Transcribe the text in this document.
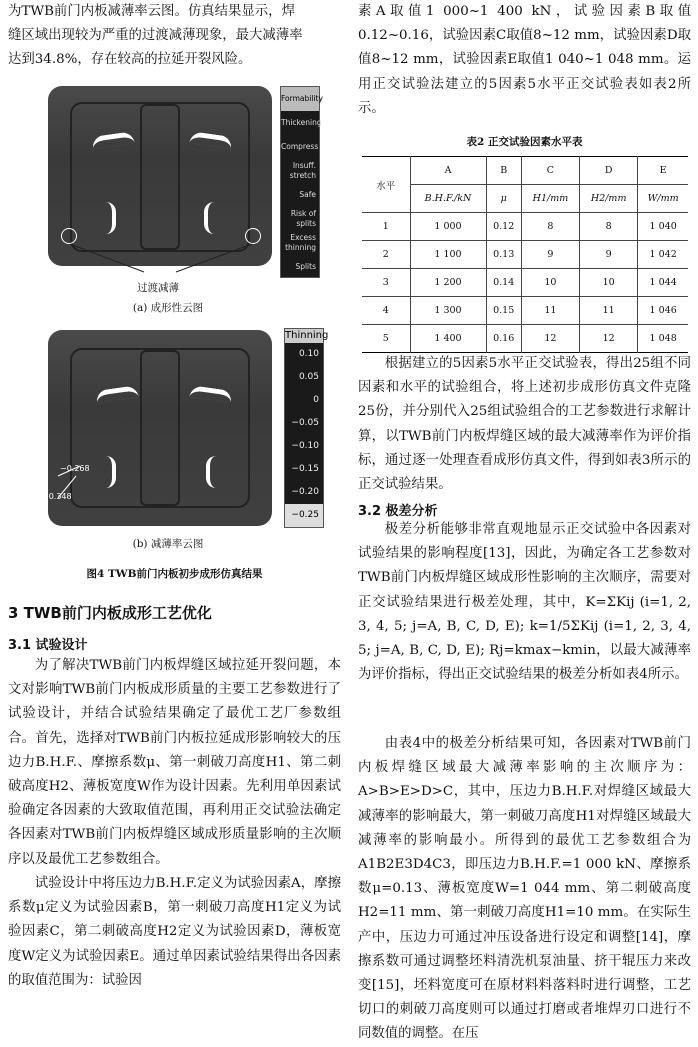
为TWB前门内板减薄率云图。仿真结果显示，焊

缝区域出现较为严重的过渡减薄现象，最大减薄率

达到34.8%，存在较高的拉延开裂风险。

Formability
Thickening
Compress
Insuff. stretch
Safe
Risk of splits
Excess thinning
Splits
过渡减薄
(a) 成形性云图
−0.268
−0.348
Thinning
0.10
0.05
0
−0.05
−0.10
−0.15
−0.20
−0.25
(b) 减薄率云图
图4 TWB前门内板初步成形仿真结果
3 TWB前门内板成形工艺优化
3.1 试验设计

为了解决TWB前门内板焊缝区域拉延开裂问题，本文对影响TWB前门内板成形质量的主要工艺参数进行了试验设计，并结合试验结果确定了最优工艺厂参数组合。首先，选择对TWB前门内板拉延成形影响较大的压边力B.H.F.、摩擦系数μ、第一刺破刀高度H1、第二刺破高度H2、薄板宽度W作为设计因素。先利用单因素试验确定各因素的大致取值范围，再利用正交试验法确定各因素对TWB前门内板焊缝区域成形质量影响的主次顺序以及最优工艺参数组合。

试验设计中将压边力B.H.F.定义为试验因素A，摩擦系数μ定义为试验因素B，第一刺破刀高度H1定义为试验因素C，第二刺破高度H2定义为试验因素D，薄板宽度W定义为试验因素E。通过单因素试验结果得出各因素的取值范围为：试验因

素A取值1 000~1 400 kN，试验因素B取值0.12~0.16，试验因素C取值8~12 mm，试验因素D取值8~12 mm，试验因素E取值1 040~1 048 mm。运用正交试验法建立的5因素5水平正交试验表如表2所示。

表2 正交试验因素水平表
水平	A	B	C	D	E
	B.H.F./kN	μ	H1/mm	H2/mm	W/mm
1	1 000	0.12	8	8	1 040
2	1 100	0.13	9	9	1 042
3	1 200	0.14	10	10	1 044
4	1 300	0.15	11	11	1 046
5	1 400	0.16	12	12	1 048

根据建立的5因素5水平正交试验表，得出25组不同因素和水平的试验组合，将上述初步成形仿真文件克隆25份，并分别代入25组试验组合的工艺参数进行求解计算，以TWB前门内板焊缝区域的最大减薄率作为评价指标，通过逐一处理查看成形仿真文件，得到如表3所示的正交试验结果。

3.2 极差分析

极差分析能够非常直观地显示正交试验中各因素对试验结果的影响程度[13]，因此，为确定各工艺参数对TWB前门内板焊缝区域成形性影响的主次顺序，需要对正交试验结果进行极差处理，其中，K=ΣKij (i=1, 2, 3, 4, 5; j=A, B, C, D, E); k=1/5ΣKij (i=1, 2, 3, 4, 5; j=A, B, C, D, E); Rj=kmax−kmin，以最大减薄率为评价指标，得出正交试验结果的极差分析如表4所示。

由表4中的极差分析结果可知，各因素对TWB前门内板焊缝区域最大减薄率影响的主次顺序为：A>B>E>D>C，其中，压边力B.H.F.对焊缝区域最大减薄率的影响最大，第一刺破刀高度H1对焊缝区域最大减薄率的影响最小。所得到的最优工艺参数组合为A1B2E3D4C3，即压边力B.H.F.=1 000 kN、摩擦系数μ=0.13、薄板宽度W=1 044 mm、第二刺破高度H2=11 mm、第一刺破刀高度H1=10 mm。在实际生产中，压边力可通过冲压设备进行设定和调整[14]，摩擦系数可通过调整坯料清洗机泵油量、挤干辊压力来改变[15]，坯料宽度可在原材料料落料时进行调整，工艺切口的刺破刀高度则可以通过打磨或者堆焊刃口进行不同数值的调整。在压
